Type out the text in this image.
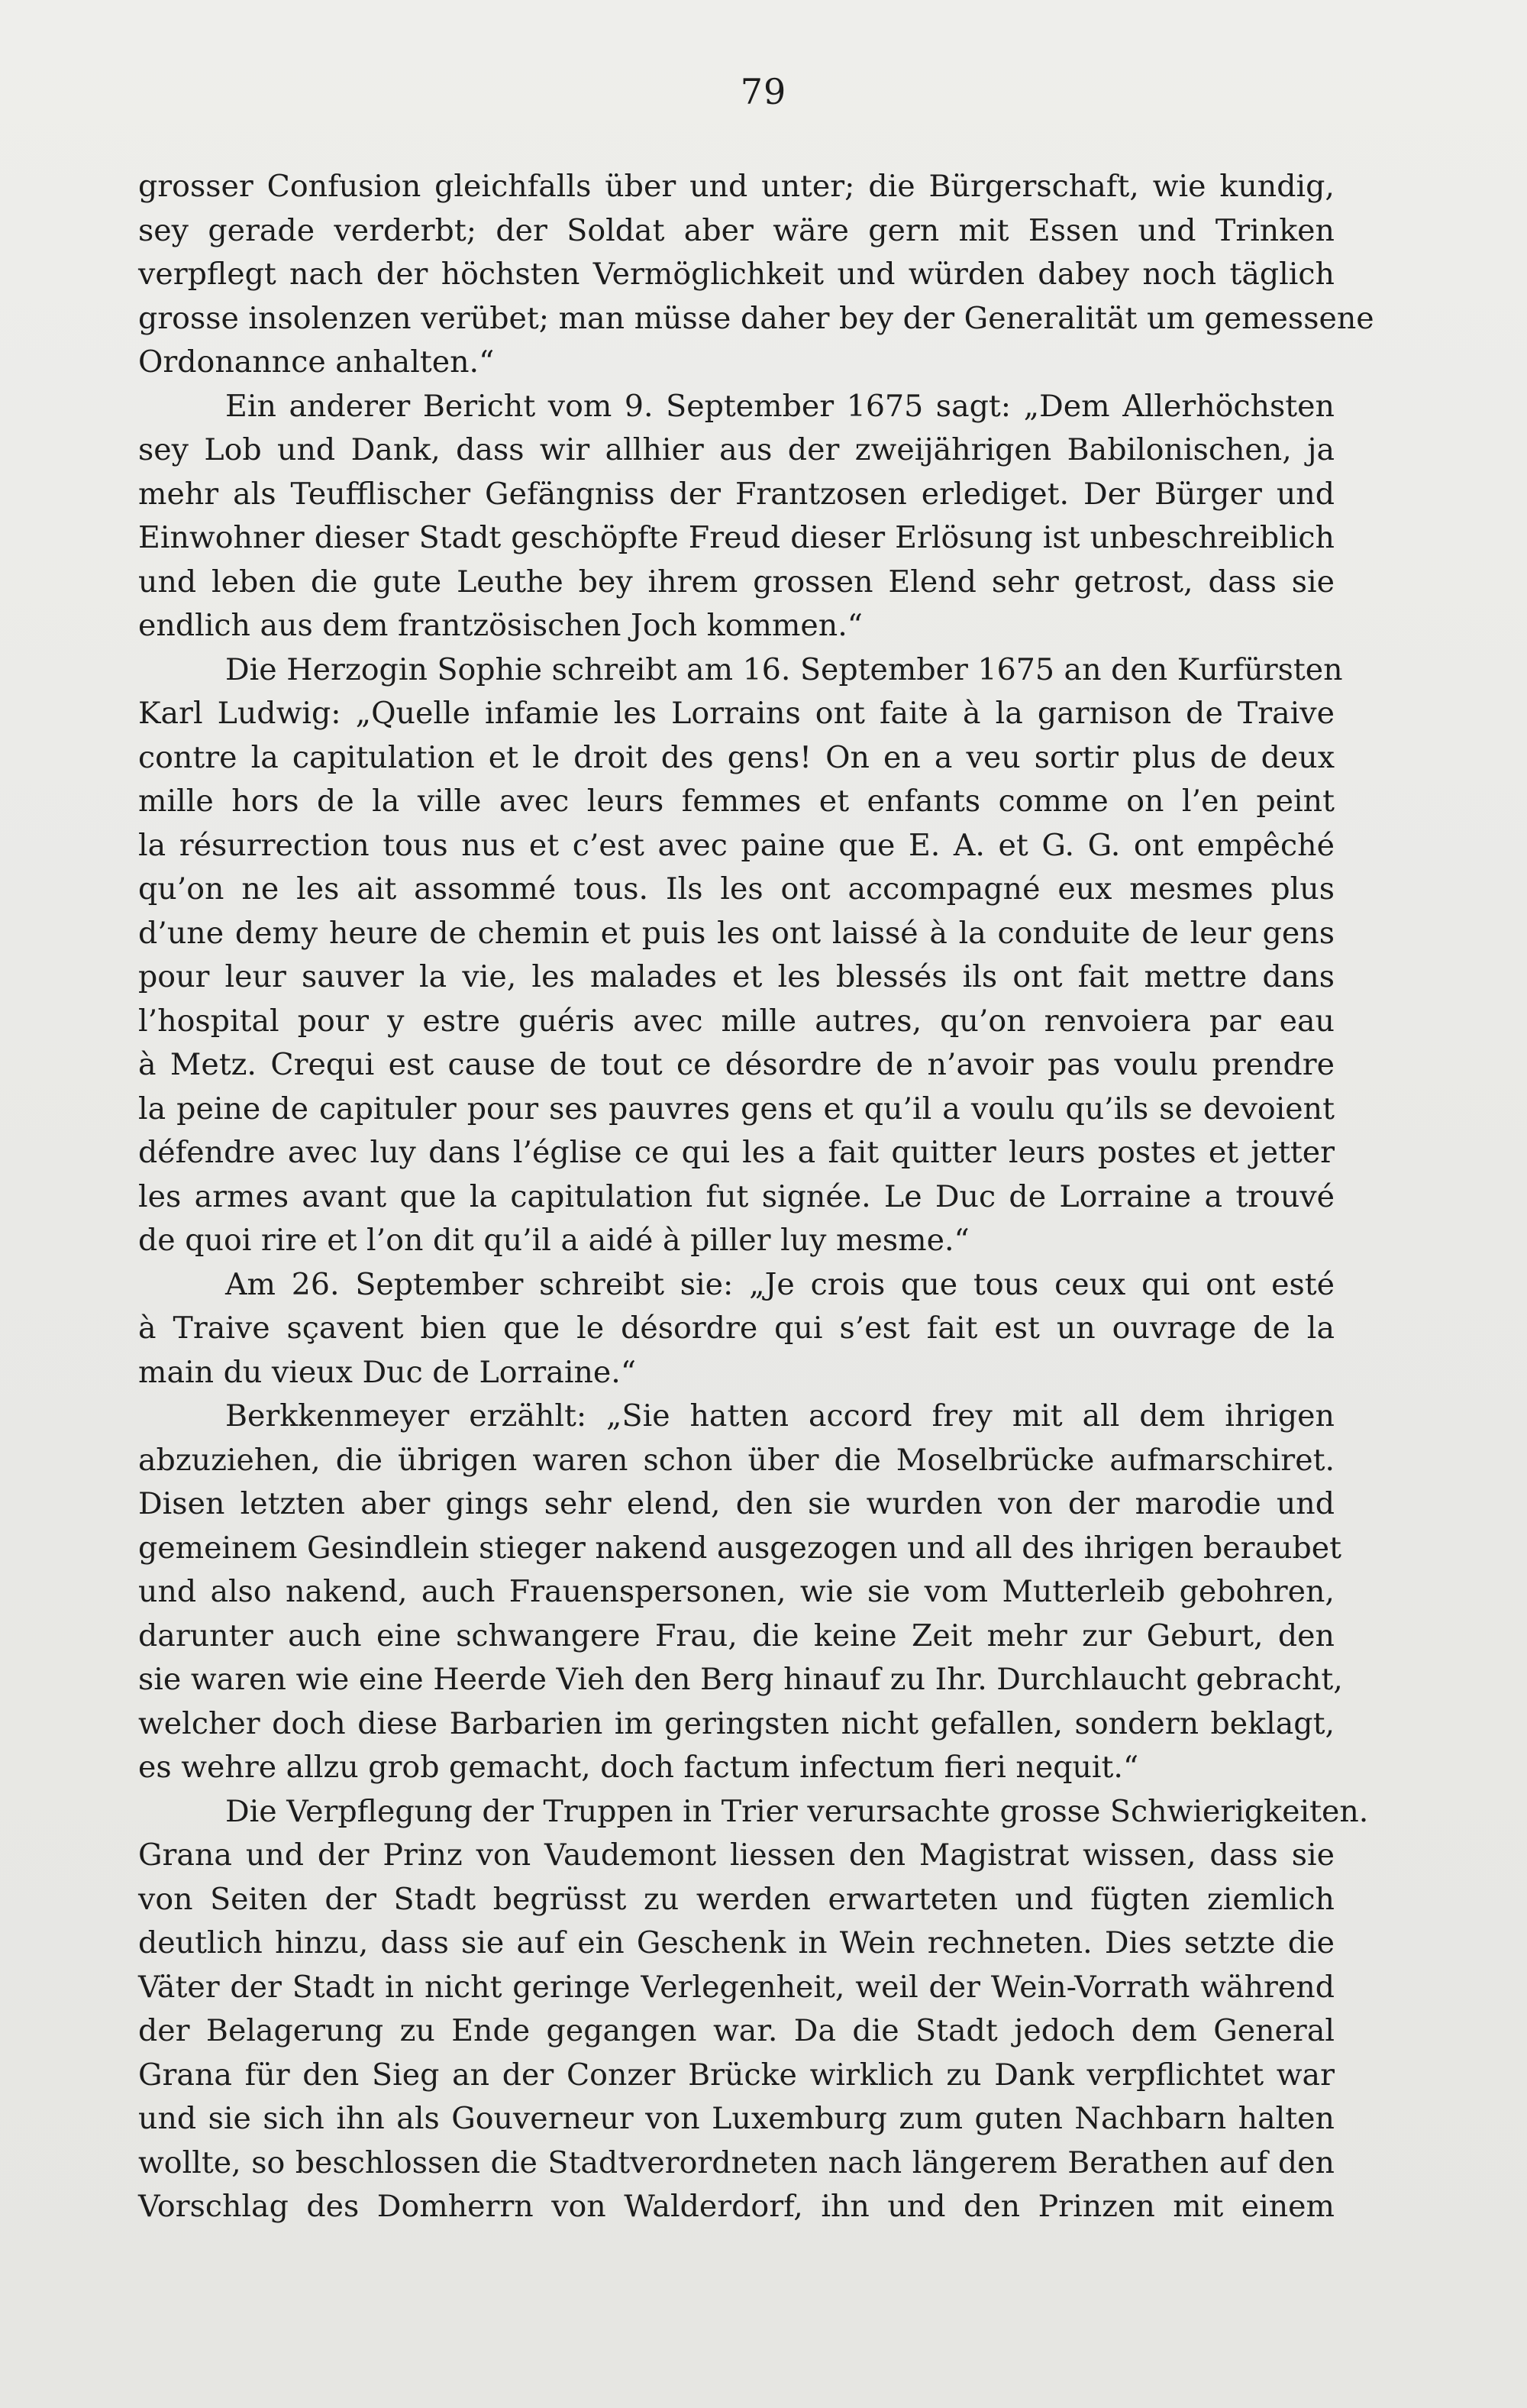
79
grosser Confusion gleichfalls über und unter; die Bürgerschaft, wie kundig,
sey gerade verderbt; der Soldat aber wäre gern mit Essen und Trinken
verpflegt nach der höchsten Vermöglichkeit und würden dabey noch täglich
grosse insolenzen verübet; man müsse daher bey der Generalität um gemessene
Ordonannce anhalten.“
Ein anderer Bericht vom 9. September 1675 sagt: „Dem Allerhöchsten
sey Lob und Dank, dass wir allhier aus der zweijährigen Babilonischen, ja
mehr als Teufflischer Gefängniss der Frantzosen erlediget. Der Bürger und
Einwohner dieser Stadt geschöpfte Freud dieser Erlösung ist unbeschreiblich
und leben die gute Leuthe bey ihrem grossen Elend sehr getrost, dass sie
endlich aus dem frantzösischen Joch kommen.“
Die Herzogin Sophie schreibt am 16. September 1675 an den Kurfürsten
Karl Ludwig: „Quelle infamie les Lorrains ont faite à la garnison de Traive
contre la capitulation et le droit des gens! On en a veu sortir plus de deux
mille hors de la ville avec leurs femmes et enfants comme on l’en peint
la résurrection tous nus et c’est avec paine que E. A. et G. G. ont empêché
qu’on ne les ait assommé tous. Ils les ont accompagné eux mesmes plus
d’une demy heure de chemin et puis les ont laissé à la conduite de leur gens
pour leur sauver la vie, les malades et les blessés ils ont fait mettre dans
l’hospital pour y estre guéris avec mille autres, qu’on renvoiera par eau
à Metz. Crequi est cause de tout ce désordre de n’avoir pas voulu prendre
la peine de capituler pour ses pauvres gens et qu’il a voulu qu’ils se devoient
défendre avec luy dans l’église ce qui les a fait quitter leurs postes et jetter
les armes avant que la capitulation fut signée. Le Duc de Lorraine a trouvé
de quoi rire et l’on dit qu’il a aidé à piller luy mesme.“
Am 26. September schreibt sie: „Je crois que tous ceux qui ont esté
à Traive sçavent bien que le désordre qui s’est fait est un ouvrage de la
main du vieux Duc de Lorraine.“
Berkkenmeyer erzählt: „Sie hatten accord frey mit all dem ihrigen
abzuziehen, die übrigen waren schon über die Moselbrücke aufmarschiret.
Disen letzten aber gings sehr elend, den sie wurden von der marodie und
gemeinem Gesindlein stieger nakend ausgezogen und all des ihrigen beraubet
und also nakend, auch Frauenspersonen, wie sie vom Mutterleib gebohren,
darunter auch eine schwangere Frau, die keine Zeit mehr zur Geburt, den
sie waren wie eine Heerde Vieh den Berg hinauf zu Ihr. Durchlaucht gebracht,
welcher doch diese Barbarien im geringsten nicht gefallen, sondern beklagt,
es wehre allzu grob gemacht, doch factum infectum fieri nequit.“
Die Verpflegung der Truppen in Trier verursachte grosse Schwierigkeiten.
Grana und der Prinz von Vaudemont liessen den Magistrat wissen, dass sie
von Seiten der Stadt begrüsst zu werden erwarteten und fügten ziemlich
deutlich hinzu, dass sie auf ein Geschenk in Wein rechneten. Dies setzte die
Väter der Stadt in nicht geringe Verlegenheit, weil der Wein-Vorrath während
der Belagerung zu Ende gegangen war. Da die Stadt jedoch dem General
Grana für den Sieg an der Conzer Brücke wirklich zu Dank verpflichtet war
und sie sich ihn als Gouverneur von Luxemburg zum guten Nachbarn halten
wollte, so beschlossen die Stadtverordneten nach längerem Berathen auf den
Vorschlag des Domherrn von Walderdorf, ihn und den Prinzen mit einem
